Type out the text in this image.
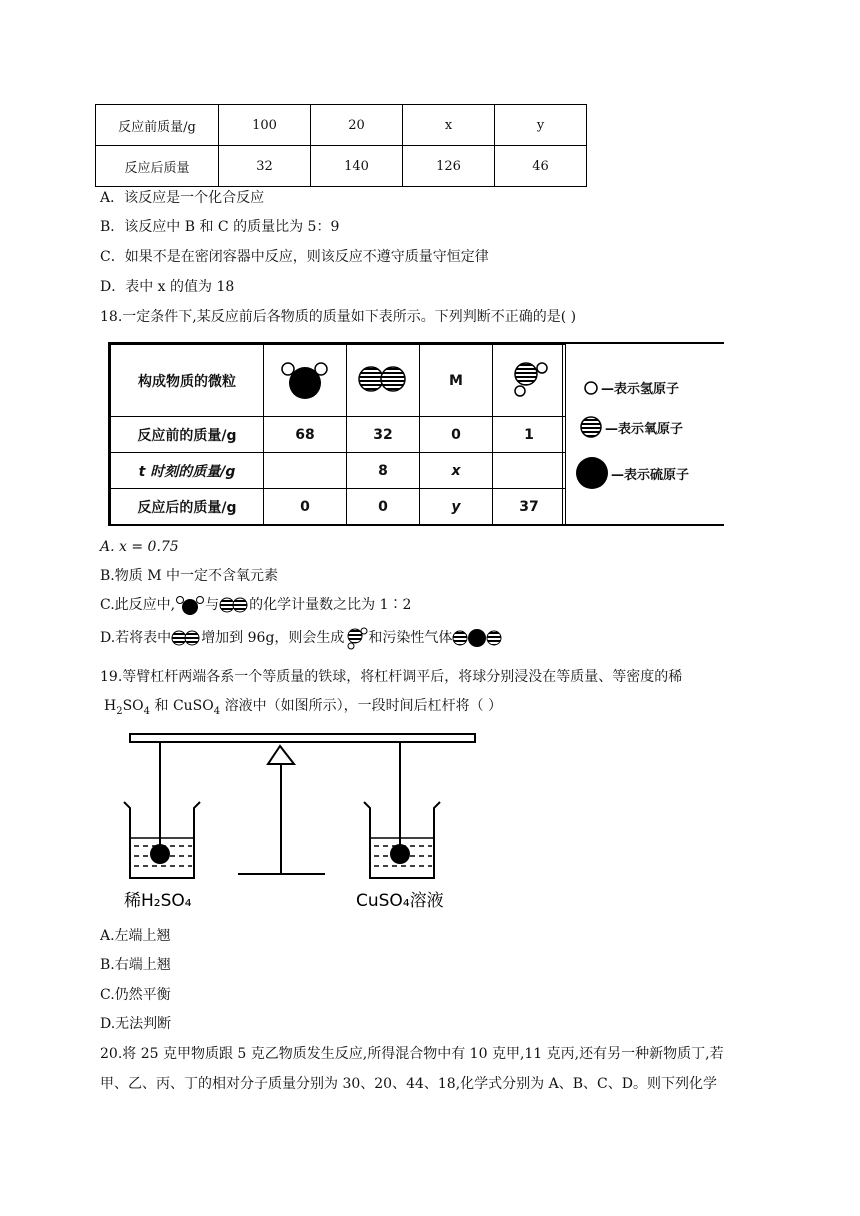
反应前质量/g	100	20	x	y
反应后质量	32	140	126	46
A．该反应是一个化合反应
B．该反应中 B 和 C 的质量比为 5：9
C．如果不是在密闭容器中反应，则该反应不遵守质量守恒定律
D．表中 x 的值为 18
18.一定条件下,某反应前后各物质的质量如下表所示。下列判断不正确的是( )
构成物质的微粒			M	
反应前的质量/g	68	32	0	1
t 时刻的质量/g		8	x	
反应后的质量/g	0	0	y	37
—表示氢原子
—表示氧原子
—表示硫原子
A. x = 0.75
B.物质 M 中一定不含氧元素
C.此反应中, 与 的化学计量数之比为 1∶2
D.若将表中 增加到 96g，则会生成 和污染性气体
19.等臂杠杆两端各系一个等质量的铁球，将杠杆调平后，将球分别浸没在等质量、等密度的稀
$H_2SO_4$ 和 CuSO$_4$ 溶液中（如图所示），一段时间后杠杆将（ ）
稀H₂SO₄	CuSO₄溶液
A.左端上翘
B.右端上翘
C.仍然平衡
D.无法判断
20.将 25 克甲物质跟 5 克乙物质发生反应,所得混合物中有 10 克甲,11 克丙,还有另一种新物质丁,若
甲、乙、丙、丁的相对分子质量分别为 30、20、44、18,化学式分别为 A、B、C、D。则下列化学
